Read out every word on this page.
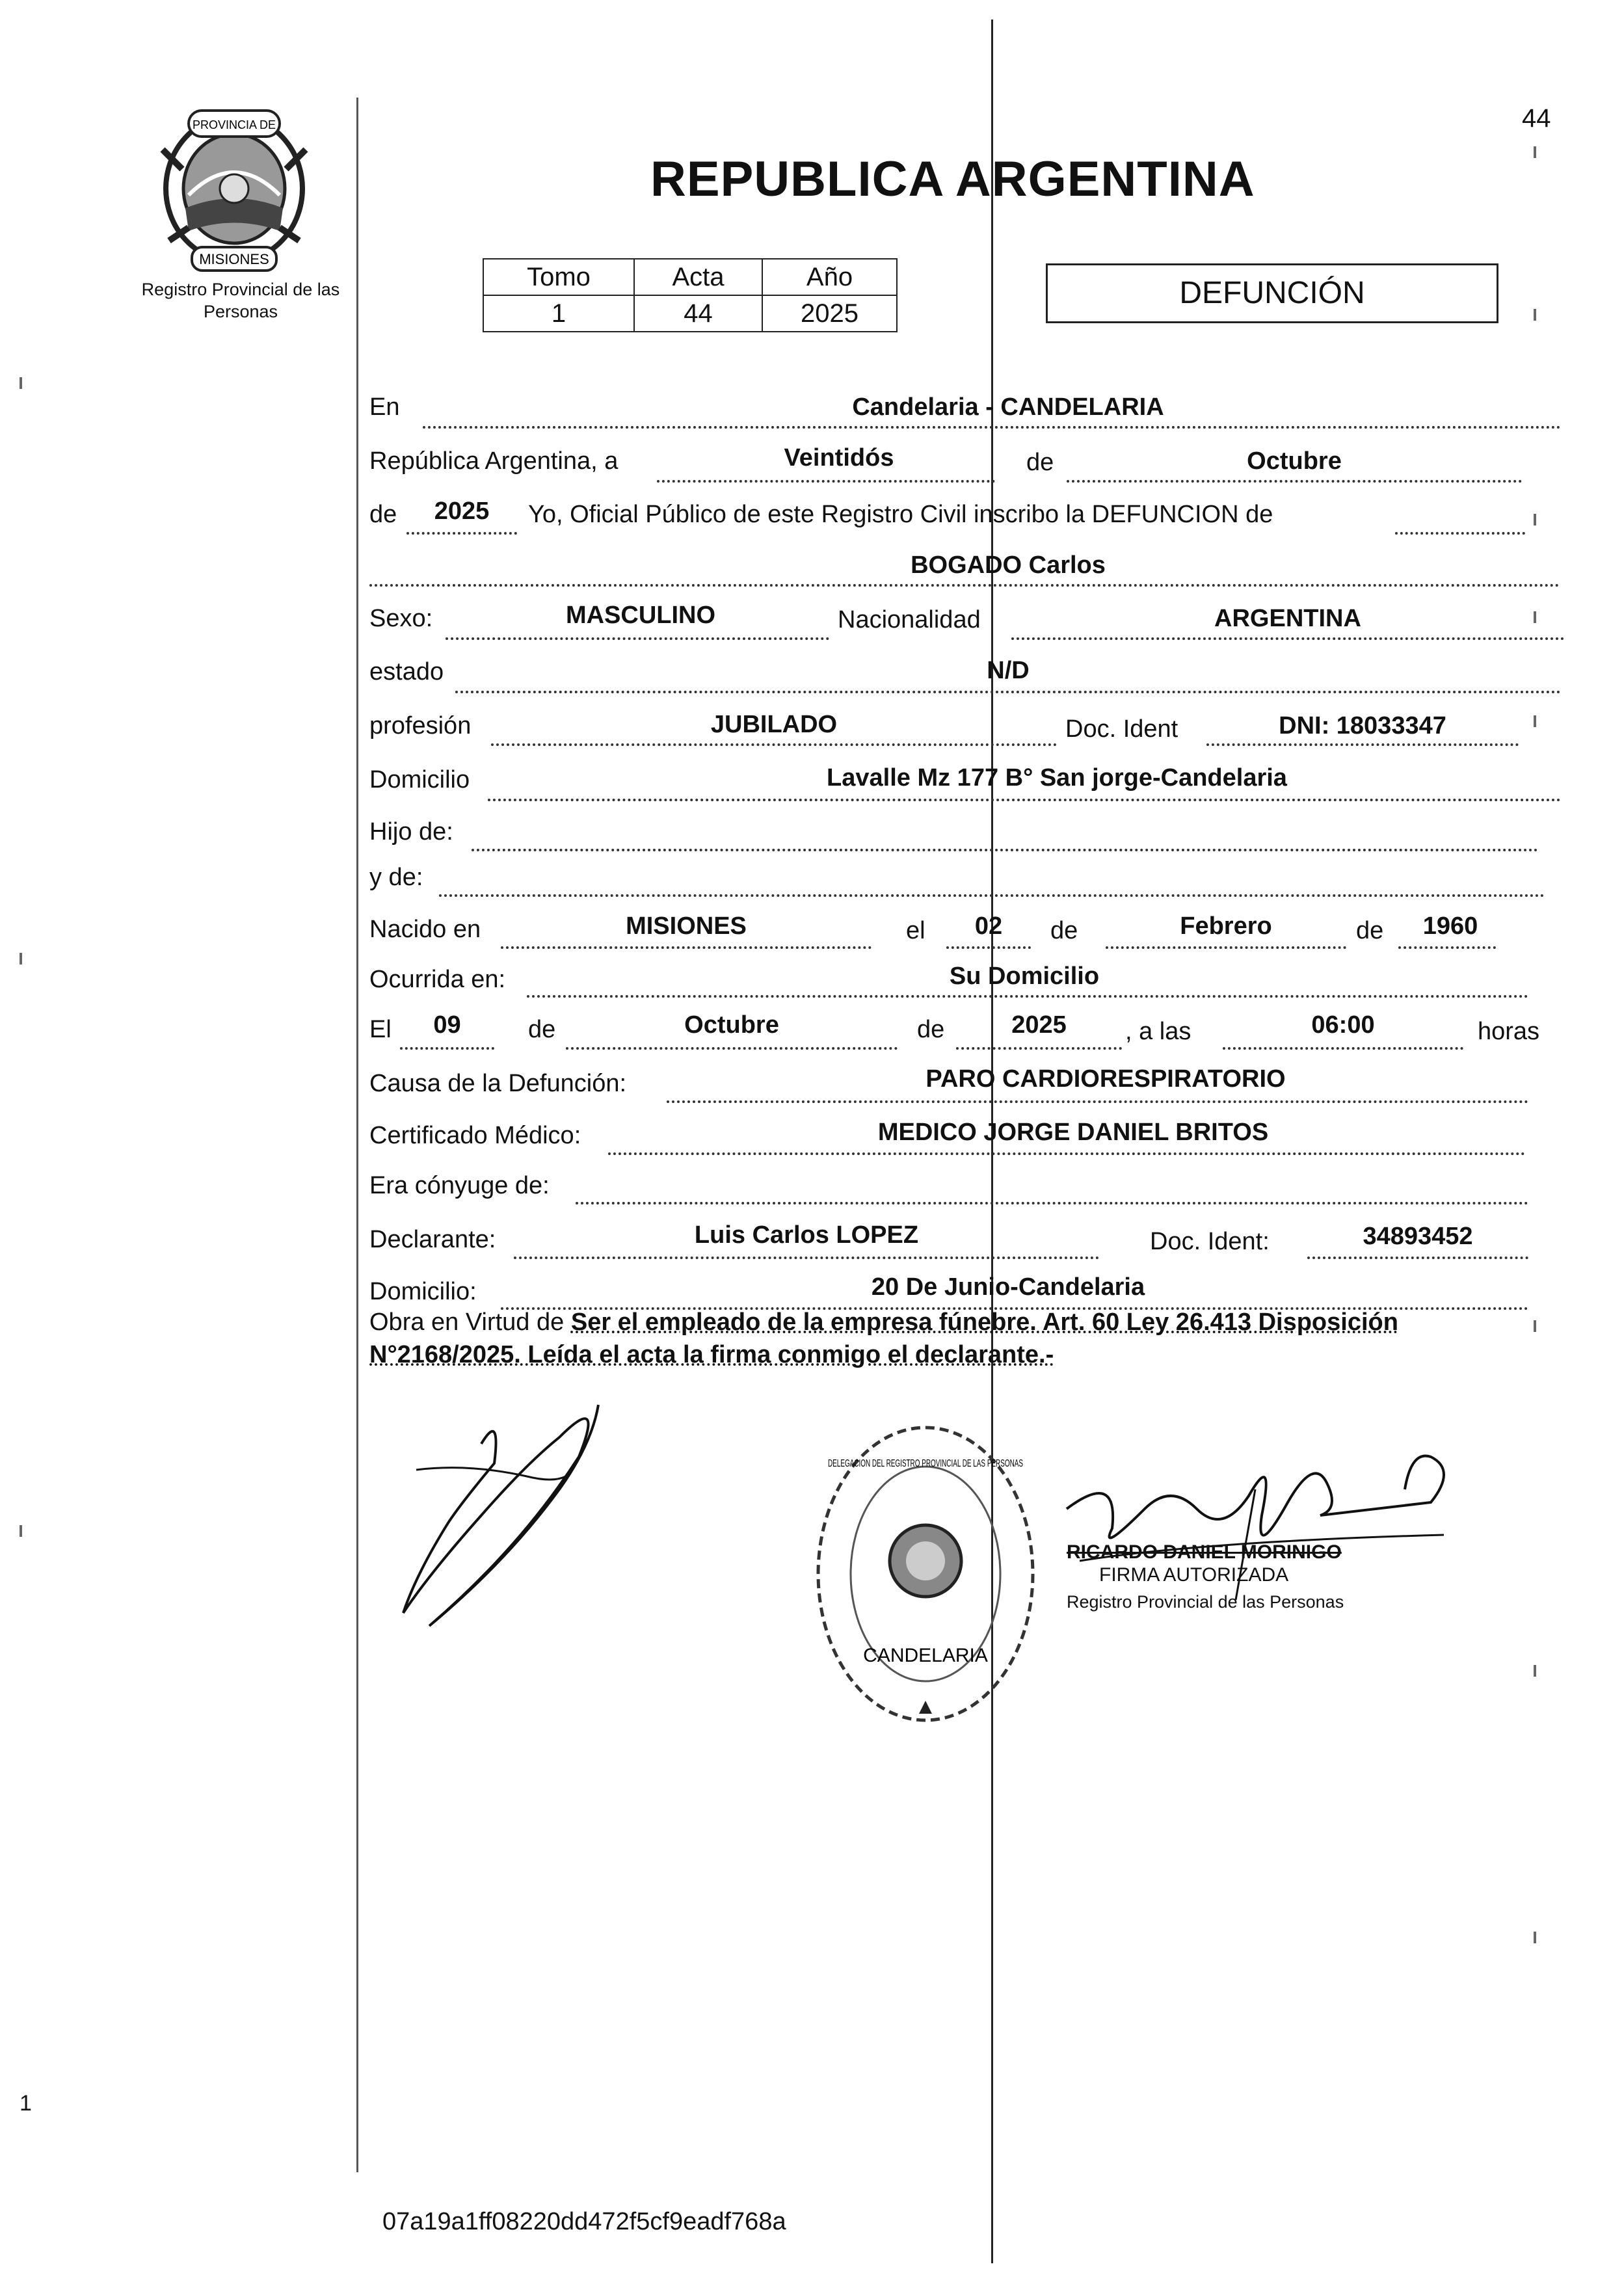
44
PROVINCIA DE
MISIONES
Registro Provincial de las Personas
REPUBLICA ARGENTINA
Tomo	Acta	Año
1	44	2025
DEFUNCIÓN
En	Candelaria - CANDELARIA
República Argentina, a	Veintidós	de	Octubre
de	2025	Yo, Oficial Público de este Registro Civil inscribo la DEFUNCION de
BOGADO Carlos
Sexo:	MASCULINO	Nacionalidad	ARGENTINA
estado	N/D
profesión	JUBILADO	Doc. Ident	DNI: 18033347
Domicilio	Lavalle Mz 177 B° San jorge-Candelaria
Hijo de:
y de:
Nacido en	MISIONES	el	02	de	Febrero	de	1960
Ocurrida en:	Su Domicilio
El	09	de	Octubre	de	2025	, a las	06:00	horas
Causa de la Defunción:	PARO CARDIORESPIRATORIO
Certificado Médico:	MEDICO JORGE DANIEL BRITOS
Era cónyuge de:
Declarante:	Luis Carlos LOPEZ	Doc. Ident:	34893452
Domicilio:	20 De Junio-Candelaria
Obra en Virtud de Ser el empleado de la empresa fúnebre. Art. 60 Ley 26.413 Disposición N°2168/2025. Leída el acta la firma conmigo el declarante.-
CANDELARIA
DELEGACION DEL REGISTRO PROVINCIAL DE LAS PERSONAS
RICARDO DANIEL MORINIGO
FIRMA AUTORIZADA
Registro Provincial de las Personas
1
07a19a1ff08220dd472f5cf9eadf768a
